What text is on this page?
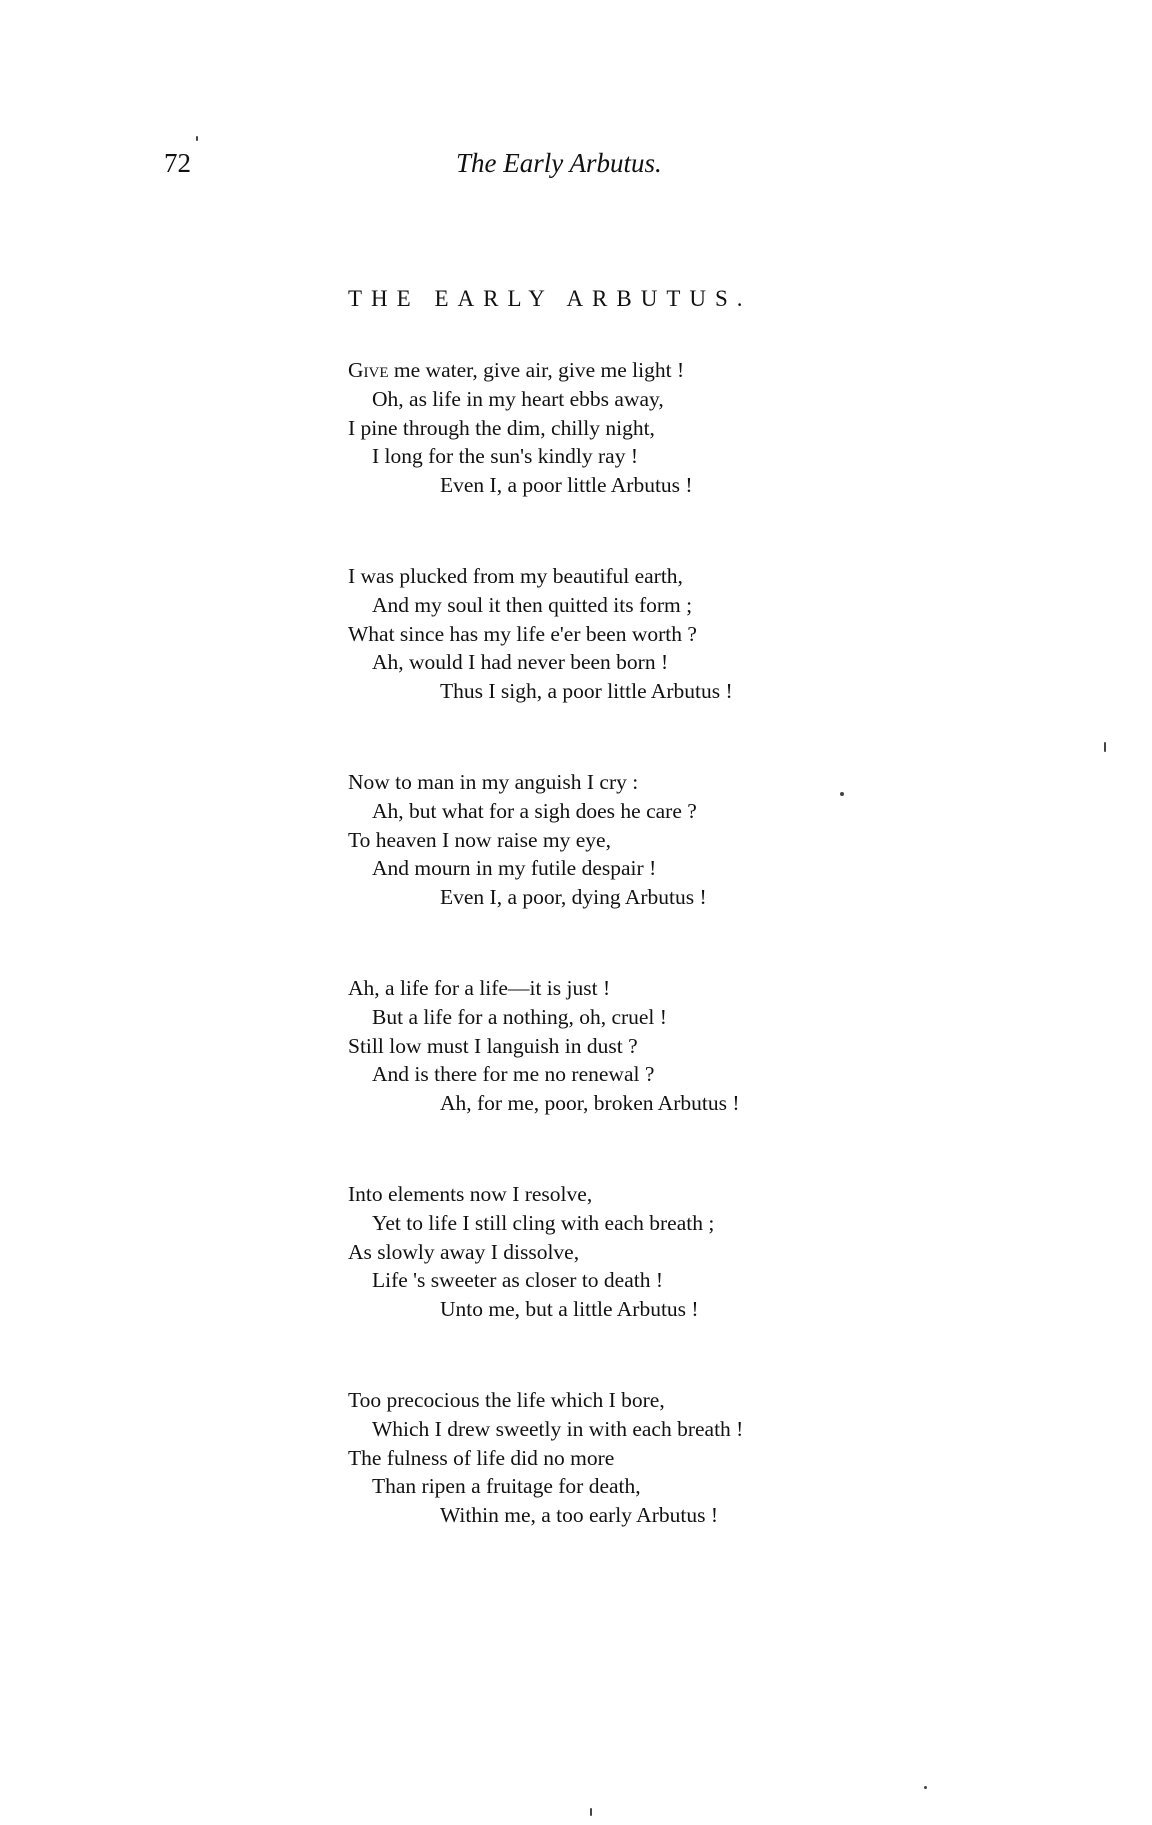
72	The Early Arbutus.
THE EARLY ARBUTUS.
Give me water, give air, give me light !
Oh, as life in my heart ebbs away,
I pine through the dim, chilly night,
I long for the sun's kindly ray !
Even I, a poor little Arbutus !
I was plucked from my beautiful earth,
And my soul it then quitted its form ;
What since has my life e'er been worth ?
Ah, would I had never been born !
Thus I sigh, a poor little Arbutus !
Now to man in my anguish I cry :
Ah, but what for a sigh does he care ?
To heaven I now raise my eye,
And mourn in my futile despair !
Even I, a poor, dying Arbutus !
Ah, a life for a life—it is just !
But a life for a nothing, oh, cruel !
Still low must I languish in dust ?
And is there for me no renewal ?
Ah, for me, poor, broken Arbutus !
Into elements now I resolve,
Yet to life I still cling with each breath ;
As slowly away I dissolve,
Life 's sweeter as closer to death !
Unto me, but a little Arbutus !
Too precocious the life which I bore,
Which I drew sweetly in with each breath !
The fulness of life did no more
Than ripen a fruitage for death,
Within me, a too early Arbutus !
